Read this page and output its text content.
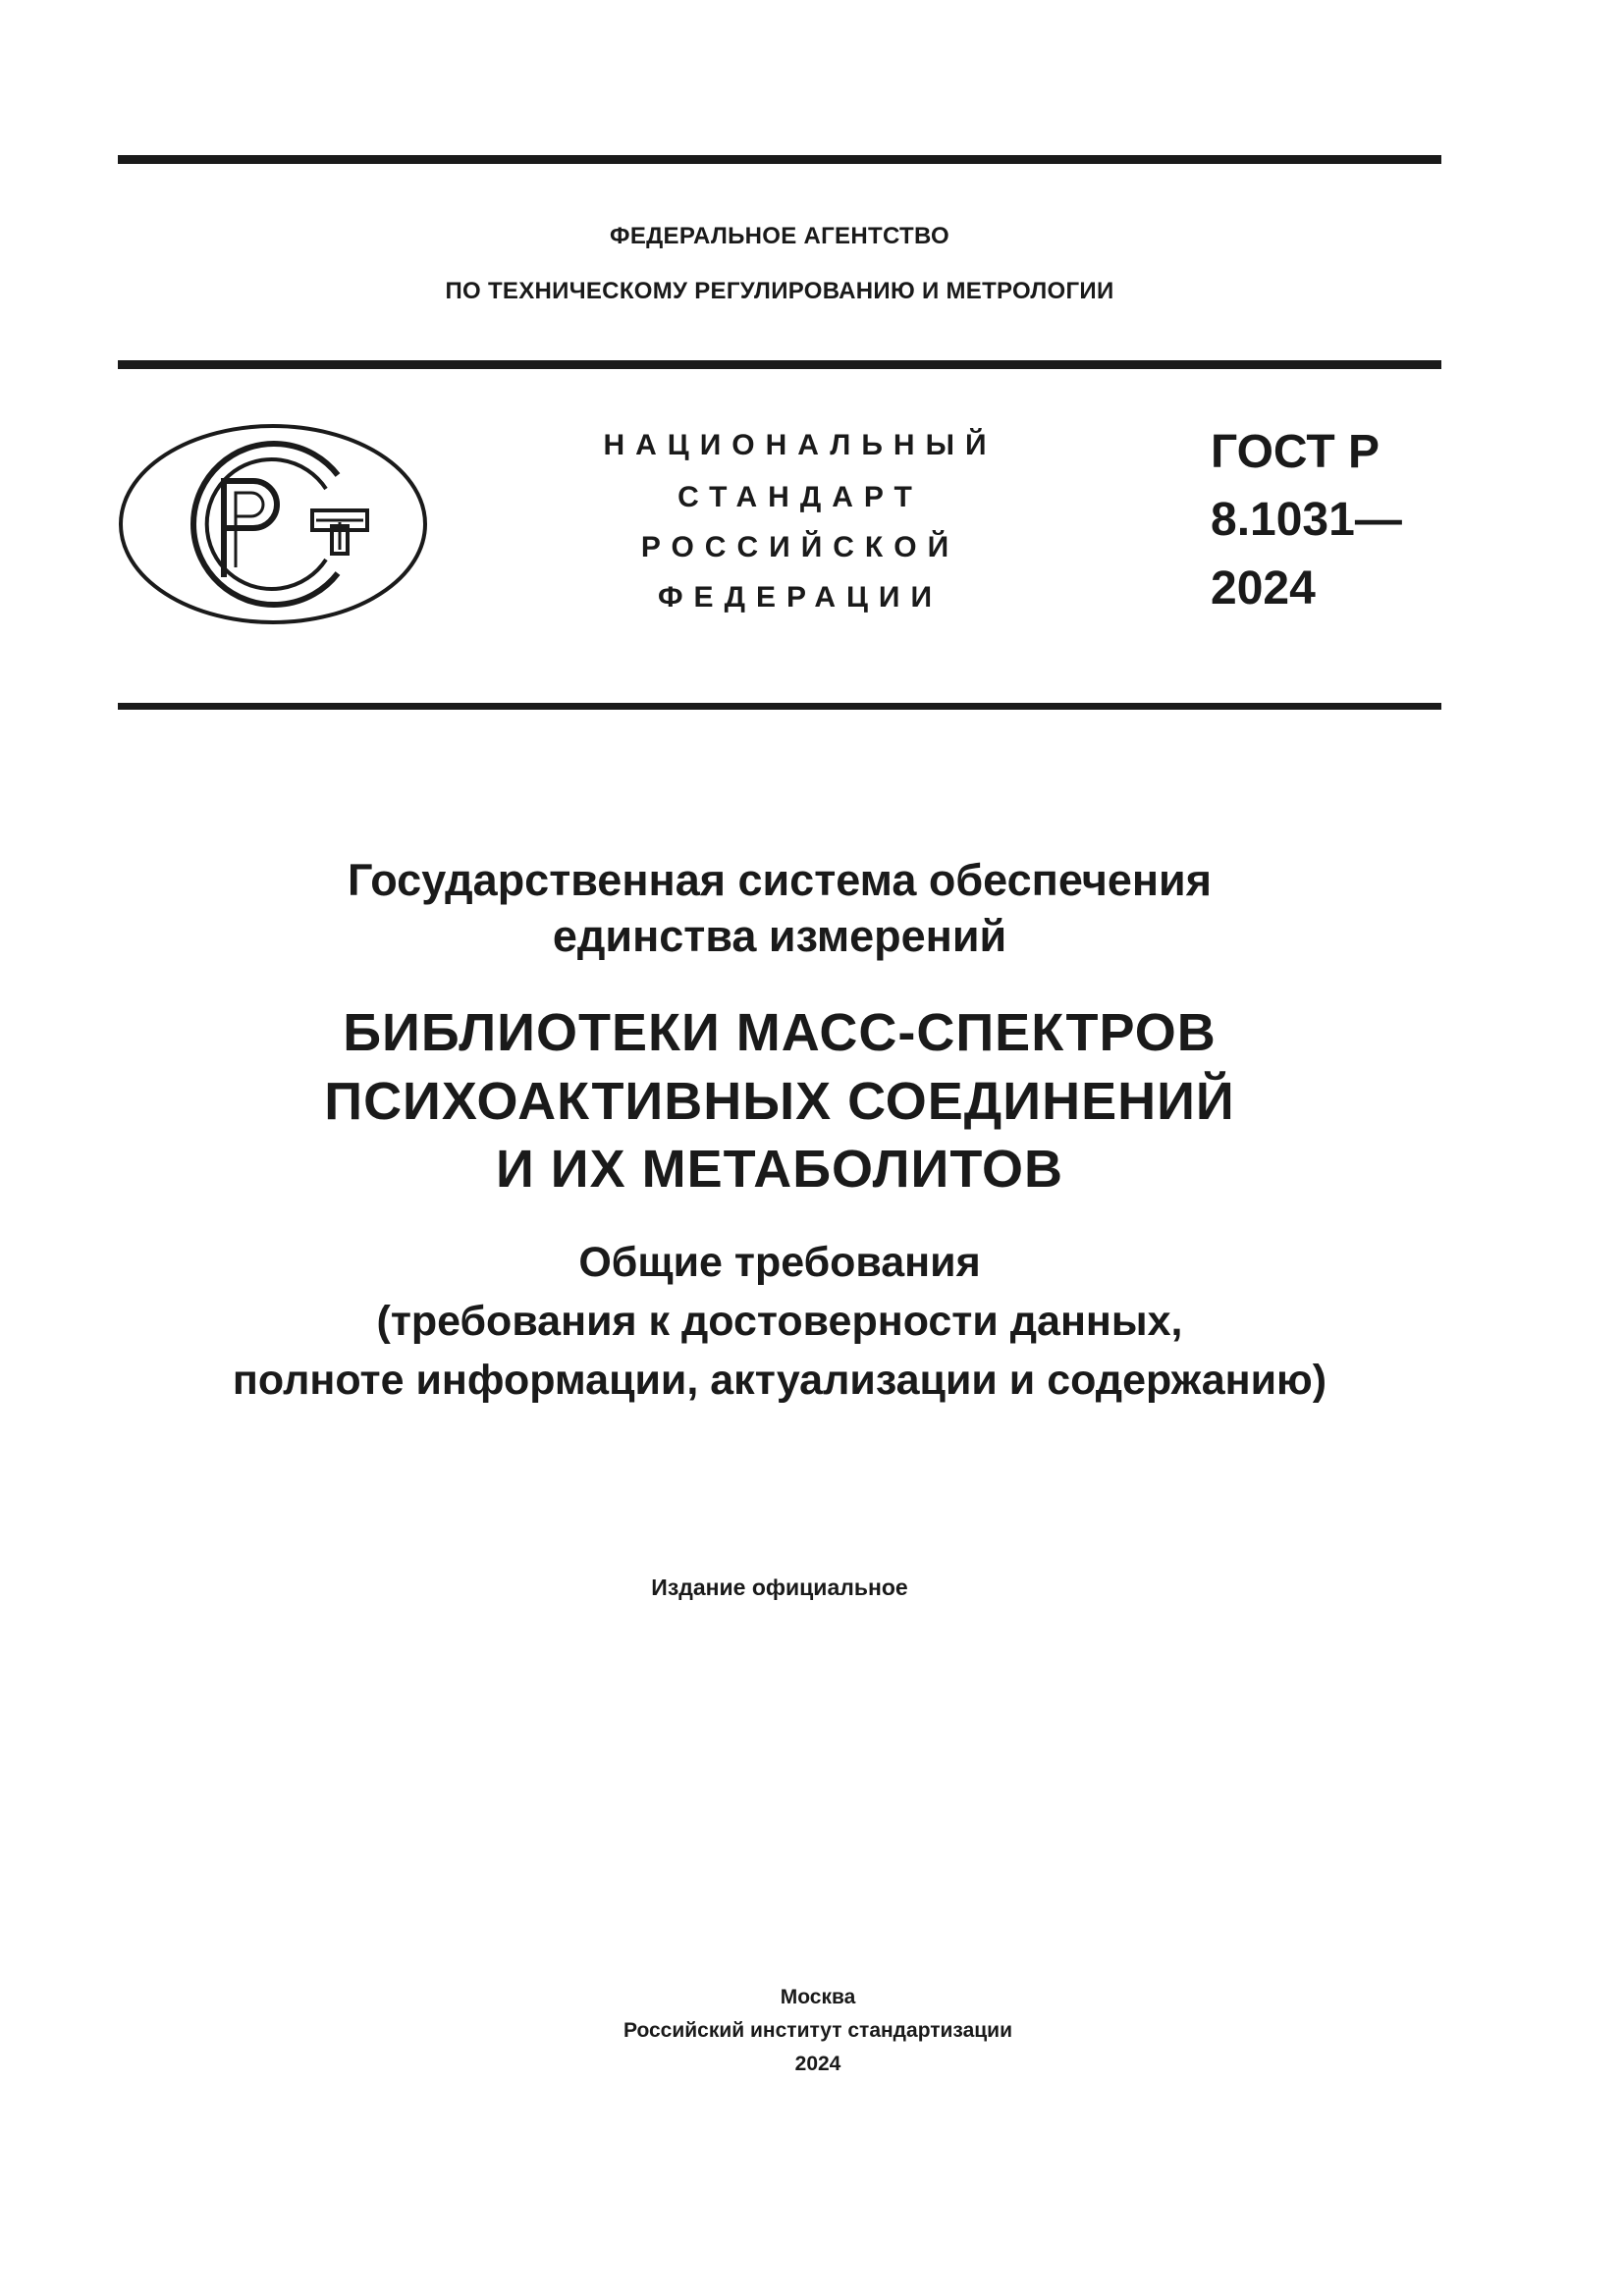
ФЕДЕРАЛЬНОЕ АГЕНТСТВО
ПО ТЕХНИЧЕСКОМУ РЕГУЛИРОВАНИЮ И МЕТРОЛОГИИ
НАЦИОНАЛЬНЫЙ
СТАНДАРТ
РОССИЙСКОЙ
ФЕДЕРАЦИИ
ГОСТ Р
8.1031—
2024
Государственная система обеспечения
единства измерений
БИБЛИОТЕКИ МАСС-СПЕКТРОВ
ПСИХОАКТИВНЫХ СОЕДИНЕНИЙ
И ИХ МЕТАБОЛИТОВ
Общие требования
(требования к достоверности данных,
полноте информации, актуализации и содержанию)
Издание официальное
Москва
Российский институт стандартизации
2024
